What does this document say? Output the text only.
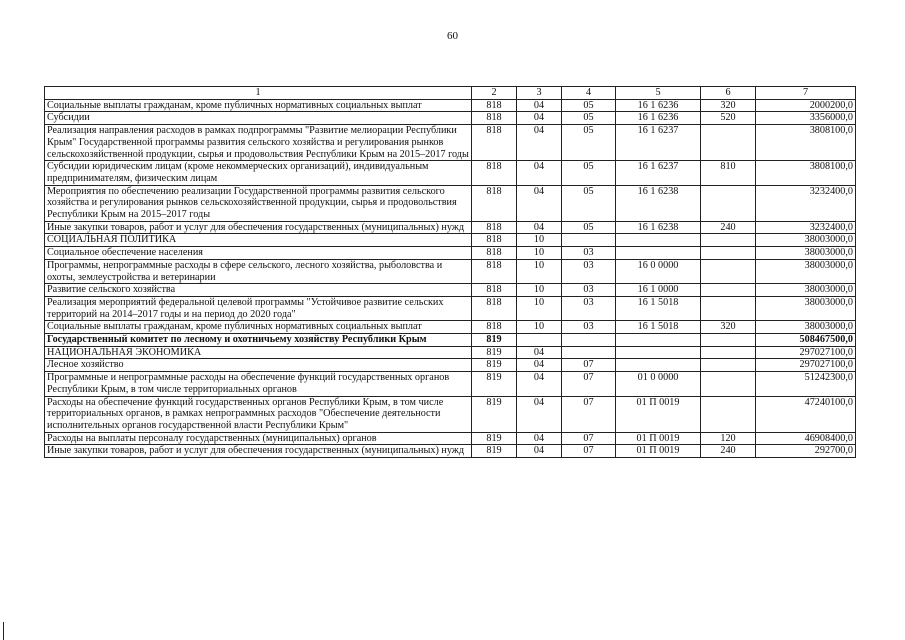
60
1	2	3	4	5	6	7
Социальные выплаты гражданам, кроме публичных нормативных социальных выплат	818	04	05	16 1 6236	320	2000200,0
Субсидии	818	04	05	16 1 6236	520	3356000,0
Реализация направления расходов в рамках подпрограммы "Развитие мелиорации Республики Крым" Государственной программы развития сельского хозяйства и регулирования рынков сельскохозяйственной продукции, сырья и продовольствия Республики Крым на 2015–2017 годы	818	04	05	16 1 6237		3808100,0
Субсидии юридическим лицам (кроме некоммерческих организаций), индивидуальным предпринимателям, физическим лицам	818	04	05	16 1 6237	810	3808100,0
Мероприятия по обеспечению реализации Государственной программы развития сельского хозяйства и регулирования рынков сельскохозяйственной продукции, сырья и продовольствия Республики Крым на 2015–2017 годы	818	04	05	16 1 6238		3232400,0
Иные закупки товаров, работ и услуг для обеспечения государственных (муниципальных) нужд	818	04	05	16 1 6238	240	3232400,0
СОЦИАЛЬНАЯ ПОЛИТИКА	818	10				38003000,0
Социальное обеспечение населения	818	10	03			38003000,0
Программы, непрограммные расходы в сфере сельского, лесного хозяйства, рыболовства и охоты, землеустройства и ветеринарии	818	10	03	16 0 0000		38003000,0
Развитие сельского хозяйства	818	10	03	16 1 0000		38003000,0
Реализация мероприятий федеральной целевой программы "Устойчивое развитие сельских территорий на 2014–2017 годы и на период до 2020 года"	818	10	03	16 1 5018		38003000,0
Социальные выплаты гражданам, кроме публичных нормативных социальных выплат	818	10	03	16 1 5018	320	38003000,0
Государственный комитет по лесному и охотничьему хозяйству Республики Крым	819					508467500,0
НАЦИОНАЛЬНАЯ ЭКОНОМИКА	819	04				297027100,0
Лесное хозяйство	819	04	07			297027100,0
Программные и непрограммные расходы на обеспечение функций государственных органов Республики Крым, в том числе территориальных органов	819	04	07	01 0 0000		51242300,0
Расходы на обеспечение функций государственных органов Республики Крым, в том числе территориальных органов, в рамках непрограммных расходов "Обеспечение деятельности исполнительных органов государственной власти Республики Крым"	819	04	07	01 П 0019		47240100,0
Расходы на выплаты персоналу государственных (муниципальных) органов	819	04	07	01 П 0019	120	46908400,0
Иные закупки товаров, работ и услуг для обеспечения государственных (муниципальных) нужд	819	04	07	01 П 0019	240	292700,0
